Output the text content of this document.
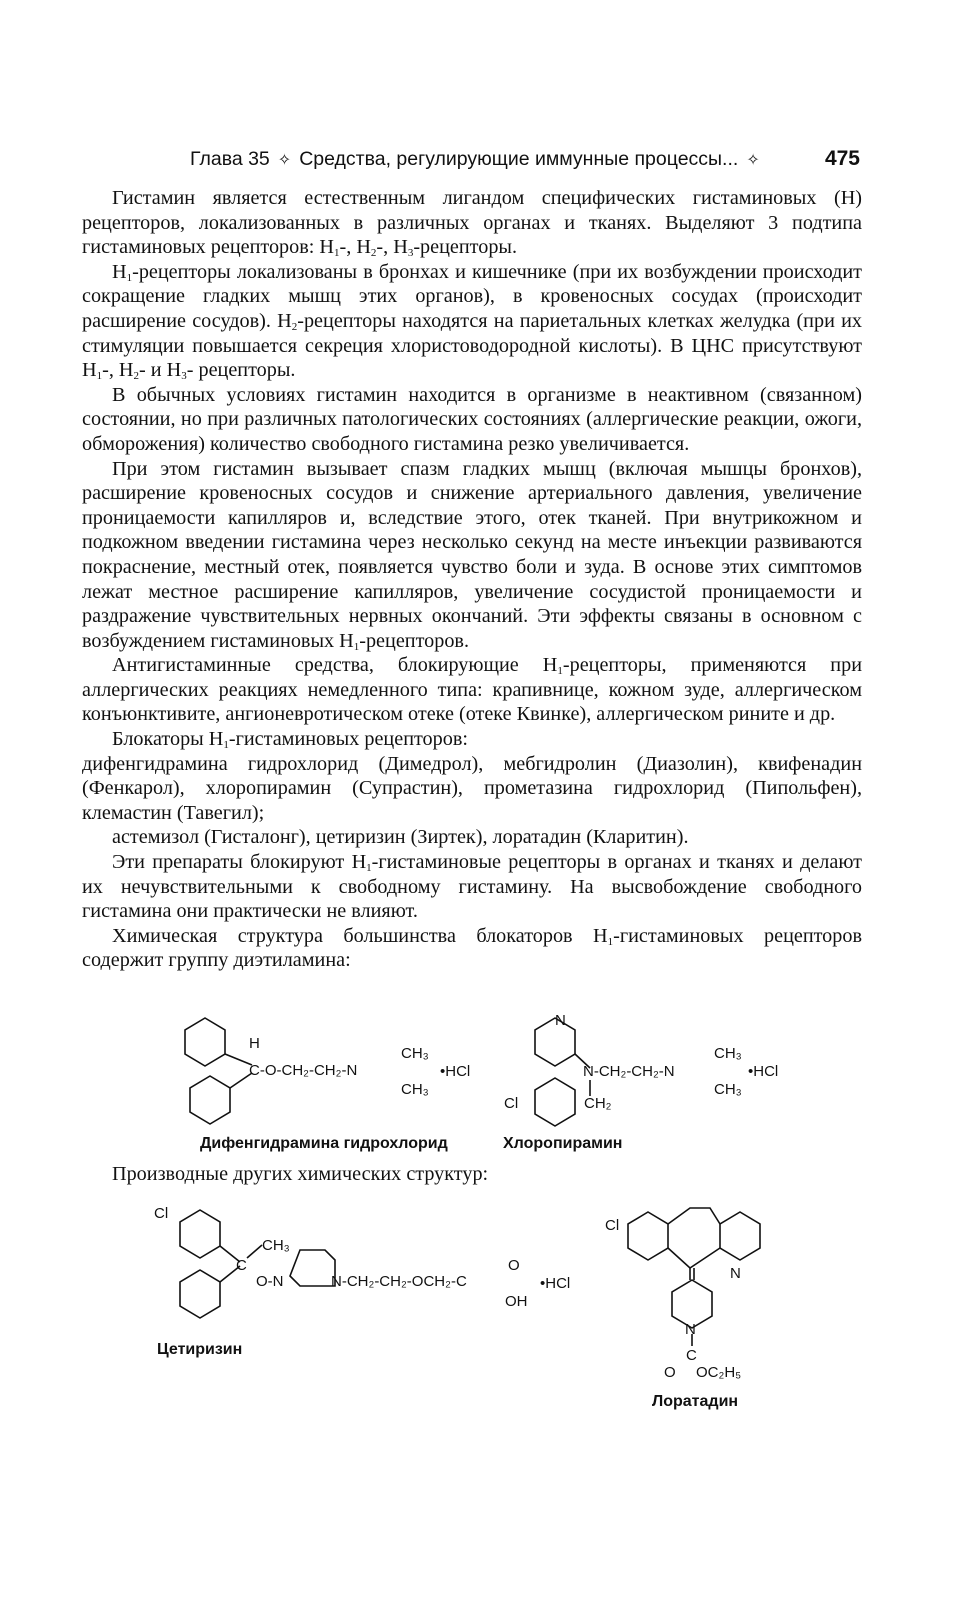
Глава 35 ✧ Средства, регулирующие иммунные процессы... ✧	475

Гистамин является естественным лигандом специфических гистаминовых (Н) рецепторов, локализованных в различных органах и тканях. Выделяют 3 подтипа гистаминовых рецепторов: $Н_1-$, $Н_2-$, $Н_3$-рецепторы.

$Н_1$-рецепторы локализованы в бронхах и кишечнике (при их возбуждении происходит сокращение гладких мышц этих органов), в кровеносных сосудах (происходит расширение сосудов). $Н_2$-рецепторы находятся на париетальных клетках желудка (при их стимуляции повышается секреция хлористоводородной кислоты). В ЦНС присутствуют $Н_1-$, $Н_2-$ и $Н_3-$ рецепторы.

В обычных условиях гистамин находится в организме в неактивном (связанном) состоянии, но при различных патологических состояниях (аллергические реакции, ожоги, обморожения) количество свободного гистамина резко увеличивается.

При этом гистамин вызывает спазм гладких мышц (включая мышцы бронхов), расширение кровеносных сосудов и снижение артериального давления, увеличение проницаемости капилляров и, вследствие этого, отек тканей. При внутрикожном и подкожном введении гистамина через несколько секунд на месте инъекции развиваются покраснение, местный отек, появляется чувство боли и зуда. В основе этих симптомов лежат местное расширение капилляров, увеличение сосудистой проницаемости и раздражение чувствительных нервных окончаний. Эти эффекты связаны в основном с возбуждением гистаминовых $Н_1$-рецепторов.

Антигистаминные средства, блокирующие $Н_1$-рецепторы, применяются при аллергических реакциях немедленного типа: крапивнице, кожном зуде, аллергическом конъюнктивите, ангионевротическом отеке (отеке Квинке), аллергическом рините и др.

Блокаторы $Н_1$-гистаминовых рецепторов:

дифенгидрамина гидрохлорид (Димедрол), мебгидролин (Диазолин), квифенадин (Фенкарол), хлоропирамин (Супрастин), прометазина гидрохлорид (Пипольфен), клемастин (Тавегил);

астемизол (Гисталонг), цетиризин (Зиртек), лоратадин (Кларитин).

Эти препараты блокируют $Н_1$-гистаминовые рецепторы в органах и тканях и делают их нечувствительными к свободному гистамину. На высвобождение свободного гистамина они практически не влияют.

Химическая структура большинства блокаторов $Н_1$-гистаминовых рецепторов содержит группу диэтиламина:

H
C-O-CH₂-CH₂-N
CH₃
CH₃
•HCl
N
N-CH₂-CH₂-N
CH₃
CH₃
•HCl
Cl	CH₂
Дифенгидрамина гидрохлорид	Хлоропирамин
Производные других химических структур:
Cl
CH₃
C
O-N	N-CH₂-CH₂-OCH₂-C
O
OH
•HCl
Цетиризин
Cl
N
N
C
O OC₂H₅
Лоратадин
